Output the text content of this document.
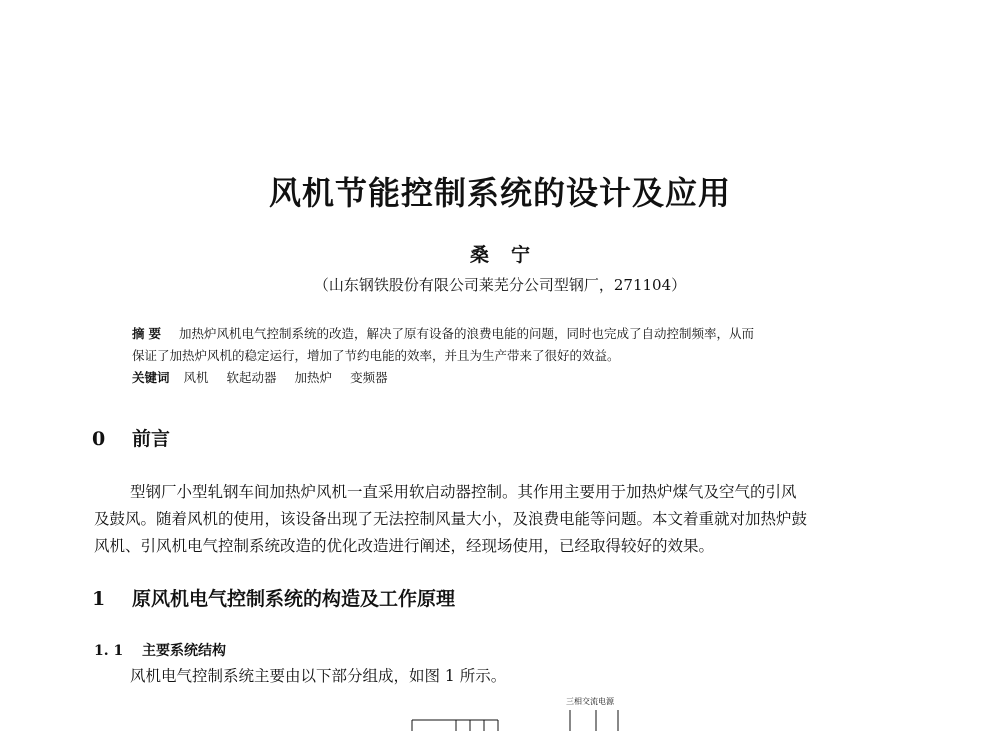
风机节能控制系统的设计及应用
桑宁
（山东钢铁股份有限公司莱芜分公司型钢厂，271104）
摘要 加热炉风机电气控制系统的改造，解决了原有设备的浪费电能的问题，同时也完成了自动控制频率，从而
保证了加热炉风机的稳定运行，增加了节约电能的效率，并且为生产带来了很好的效益。
关键词 风机 软起动器 加热炉 变频器
0 前言
型钢厂小型轧钢车间加热炉风机一直采用软启动器控制。其作用主要用于加热炉煤气及空气的引风
及鼓风。随着风机的使用，该设备出现了无法控制风量大小，及浪费电能等问题。本文着重就对加热炉鼓
风机、引风机电气控制系统改造的优化改造进行阐述，经现场使用，已经取得较好的效果。
1 原风机电气控制系统的构造及工作原理
1. 1 主要系统结构
风机电气控制系统主要由以下部分组成，如图 1 所示。
三相交流电源
